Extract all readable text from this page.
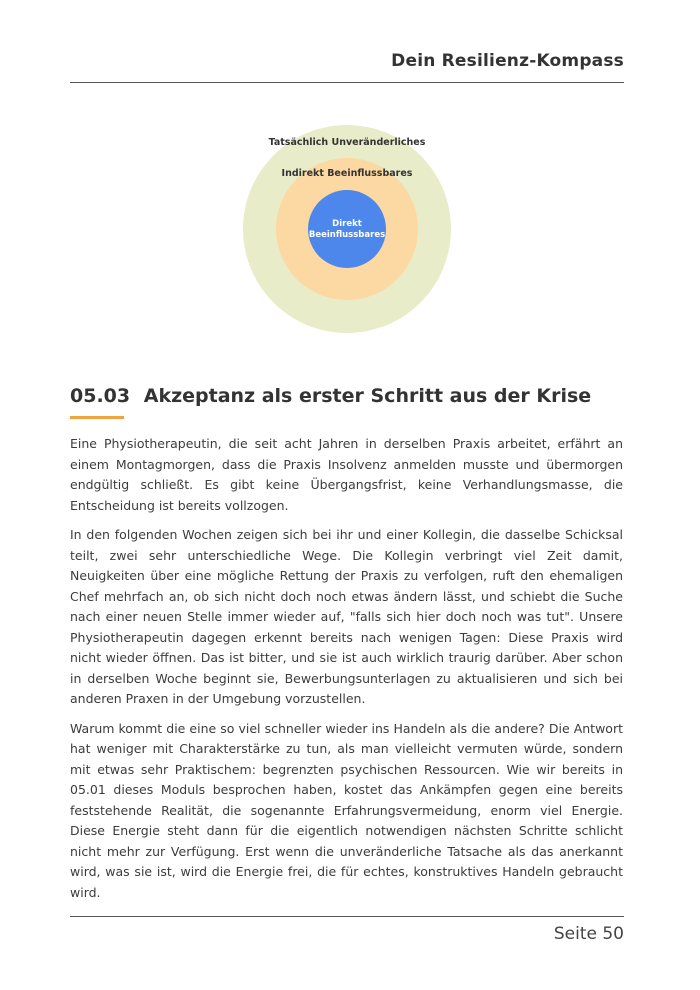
Dein Resilienz-Kompass
Tatsächlich Unveränderliches
Indirekt Beeinflussbares
Direkt Beeinflussbares
05.03 Akzeptanz als erster Schritt aus der Krise

Eine Physiotherapeutin, die seit acht Jahren in derselben Praxis arbeitet, erfährt an einem Montagmorgen, dass die Praxis Insolvenz anmelden musste und übermorgen endgültig schließt. Es gibt keine Übergangsfrist, keine Verhandlungsmasse, die Entscheidung ist bereits vollzogen.

In den folgenden Wochen zeigen sich bei ihr und einer Kollegin, die dasselbe Schicksal teilt, zwei sehr unterschiedliche Wege. Die Kollegin verbringt viel Zeit damit, Neuigkeiten über eine mögliche Rettung der Praxis zu verfolgen, ruft den ehemaligen Chef mehrfach an, ob sich nicht doch noch etwas ändern lässt, und schiebt die Suche nach einer neuen Stelle immer wieder auf, "falls sich hier doch noch was tut". Unsere Physiotherapeutin dagegen erkennt bereits nach wenigen Tagen: Diese Praxis wird nicht wieder öffnen. Das ist bitter, und sie ist auch wirklich traurig darüber. Aber schon in derselben Woche beginnt sie, Bewerbungsunterlagen zu aktualisieren und sich bei anderen Praxen in der Umgebung vorzustellen.

Warum kommt die eine so viel schneller wieder ins Handeln als die andere? Die Antwort hat weniger mit Charakterstärke zu tun, als man vielleicht vermuten würde, sondern mit etwas sehr Praktischem: begrenzten psychischen Ressourcen. Wie wir bereits in 05.01 dieses Moduls besprochen haben, kostet das Ankämpfen gegen eine bereits feststehende Realität, die sogenannte Erfahrungsvermeidung, enorm viel Energie. Diese Energie steht dann für die eigentlich notwendigen nächsten Schritte schlicht nicht mehr zur Verfügung. Erst wenn die unveränderliche Tatsache als das anerkannt wird, was sie ist, wird die Energie frei, die für echtes, konstruktives Handeln gebraucht wird.

Seite 50
